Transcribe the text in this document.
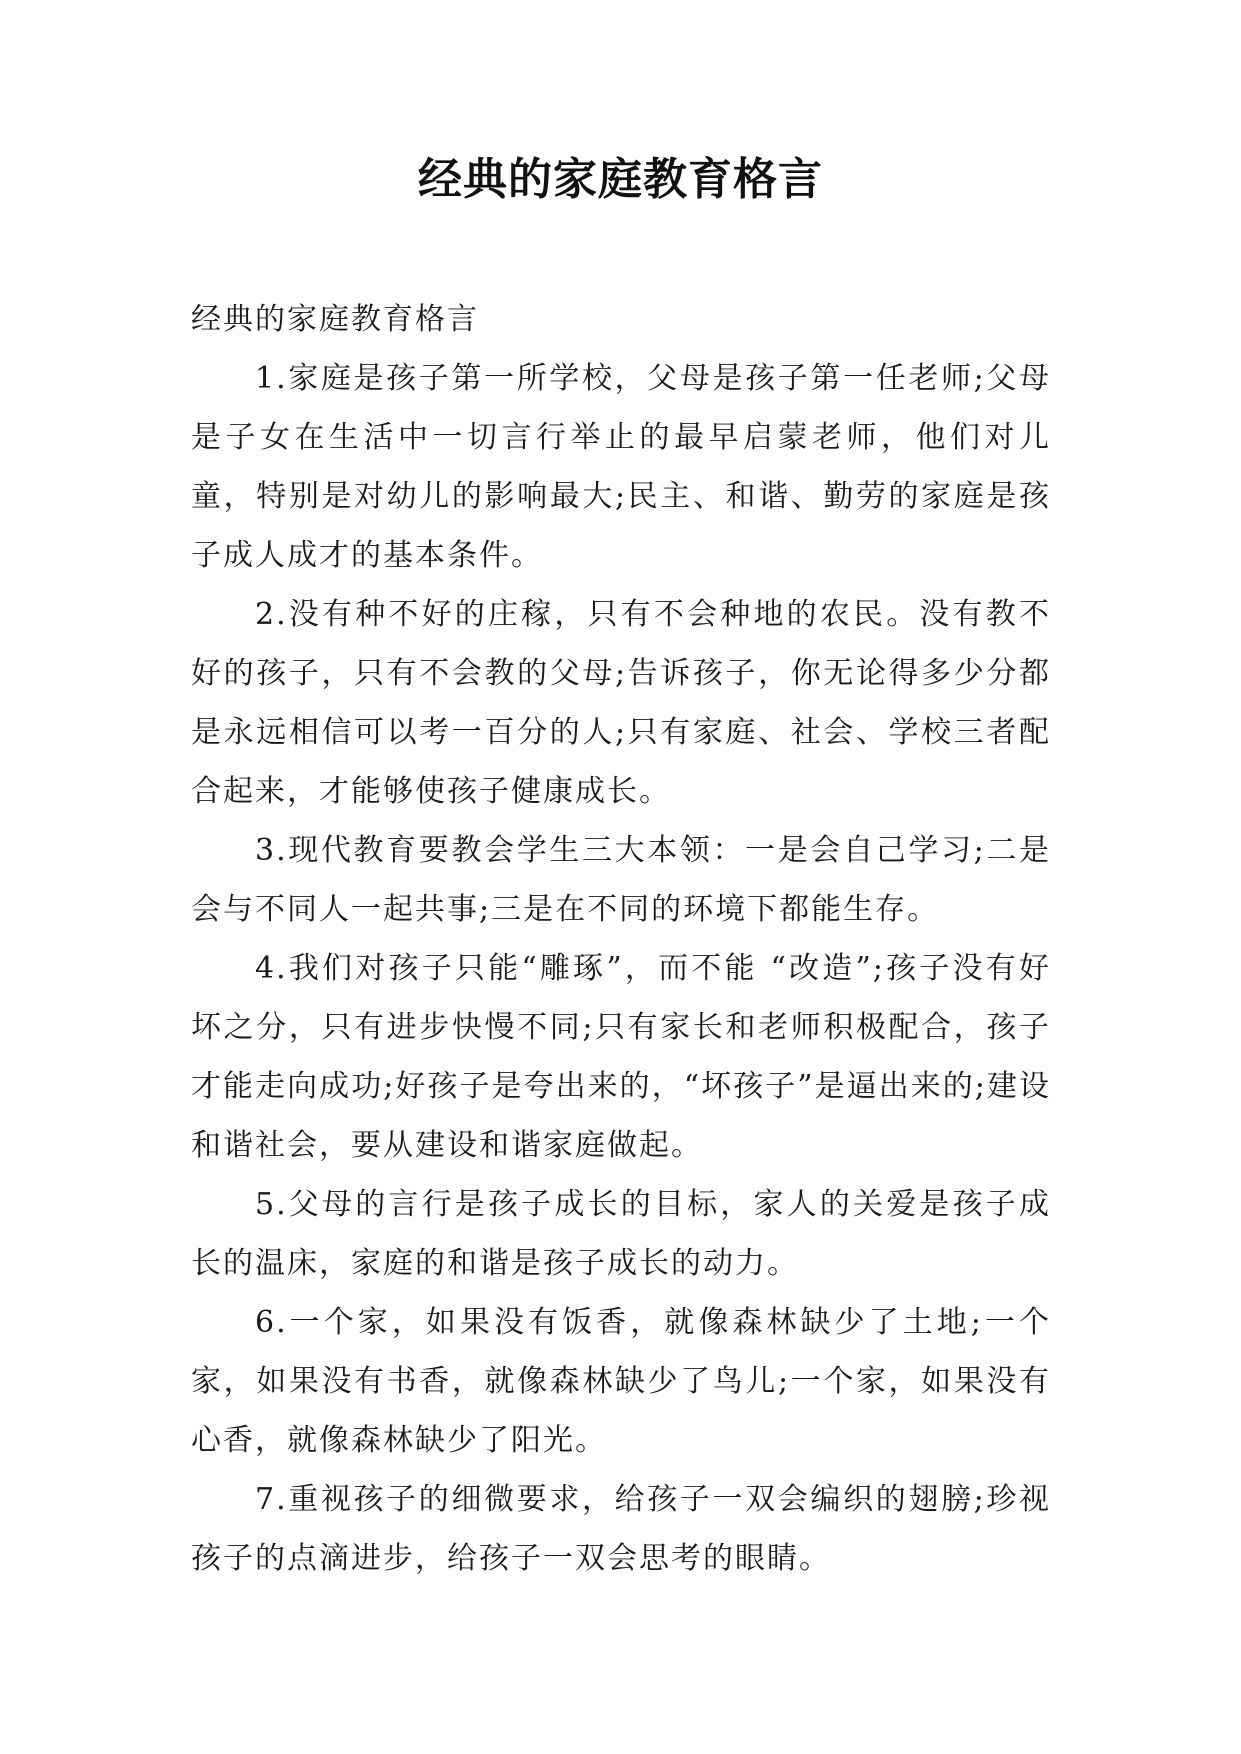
经典的家庭教育格言

经典的家庭教育格言

1.家庭是孩子第一所学校，父母是孩子第一任老师;父母是子女在生活中一切言行举止的最早启蒙老师，他们对儿童，特别是对幼儿的影响最大;民主、和谐、勤劳的家庭是孩子成人成才的基本条件。

2.没有种不好的庄稼，只有不会种地的农民。没有教不好的孩子，只有不会教的父母;告诉孩子，你无论得多少分都是永远相信可以考一百分的人;只有家庭、社会、学校三者配合起来，才能够使孩子健康成长。

3.现代教育要教会学生三大本领：一是会自己学习;二是会与不同人一起共事;三是在不同的环境下都能生存。

4.我们对孩子只能“雕琢”，而不能 “改造”;孩子没有好坏之分，只有进步快慢不同;只有家长和老师积极配合，孩子才能走向成功;好孩子是夸出来的，“坏孩子”是逼出来的;建设和谐社会，要从建设和谐家庭做起。

5.父母的言行是孩子成长的目标，家人的关爱是孩子成长的温床，家庭的和谐是孩子成长的动力。

6.一个家，如果没有饭香，就像森林缺少了土地;一个家，如果没有书香，就像森林缺少了鸟儿;一个家，如果没有心香，就像森林缺少了阳光。

7.重视孩子的细微要求，给孩子一双会编织的翅膀;珍视孩子的点滴进步，给孩子一双会思考的眼睛。
